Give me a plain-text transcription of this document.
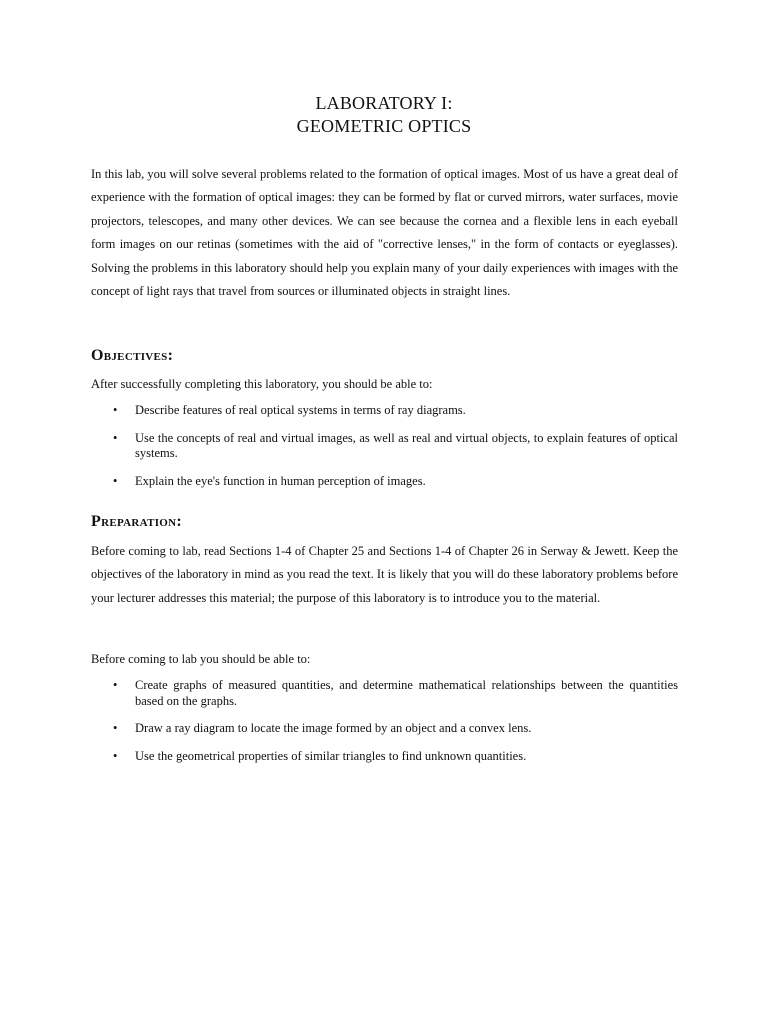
LABORATORY I:
GEOMETRIC OPTICS

In this lab, you will solve several problems related to the formation of optical images. Most of us have a great deal of experience with the formation of optical images: they can be formed by flat or curved mirrors, water surfaces, movie projectors, telescopes, and many other devices. We can see because the cornea and a flexible lens in each eyeball form images on our retinas (sometimes with the aid of "corrective lenses," in the form of contacts or eyeglasses). Solving the problems in this laboratory should help you explain many of your daily experiences with images with the concept of light rays that travel from sources or illuminated objects in straight lines.

Objectives:

After successfully completing this laboratory, you should be able to:

• Describe features of real optical systems in terms of ray diagrams.
• Use the concepts of real and virtual images, as well as real and virtual objects, to explain features of optical systems.
• Explain the eye's function in human perception of images.
Preparation:

Before coming to lab, read Sections 1-4 of Chapter 25 and Sections 1-4 of Chapter 26 in Serway & Jewett. Keep the objectives of the laboratory in mind as you read the text. It is likely that you will do these laboratory problems before your lecturer addresses this material; the purpose of this laboratory is to introduce you to the material.

Before coming to lab you should be able to:

• Create graphs of measured quantities, and determine mathematical relationships between the quantities based on the graphs.
• Draw a ray diagram to locate the image formed by an object and a convex lens.
• Use the geometrical properties of similar triangles to find unknown quantities.
